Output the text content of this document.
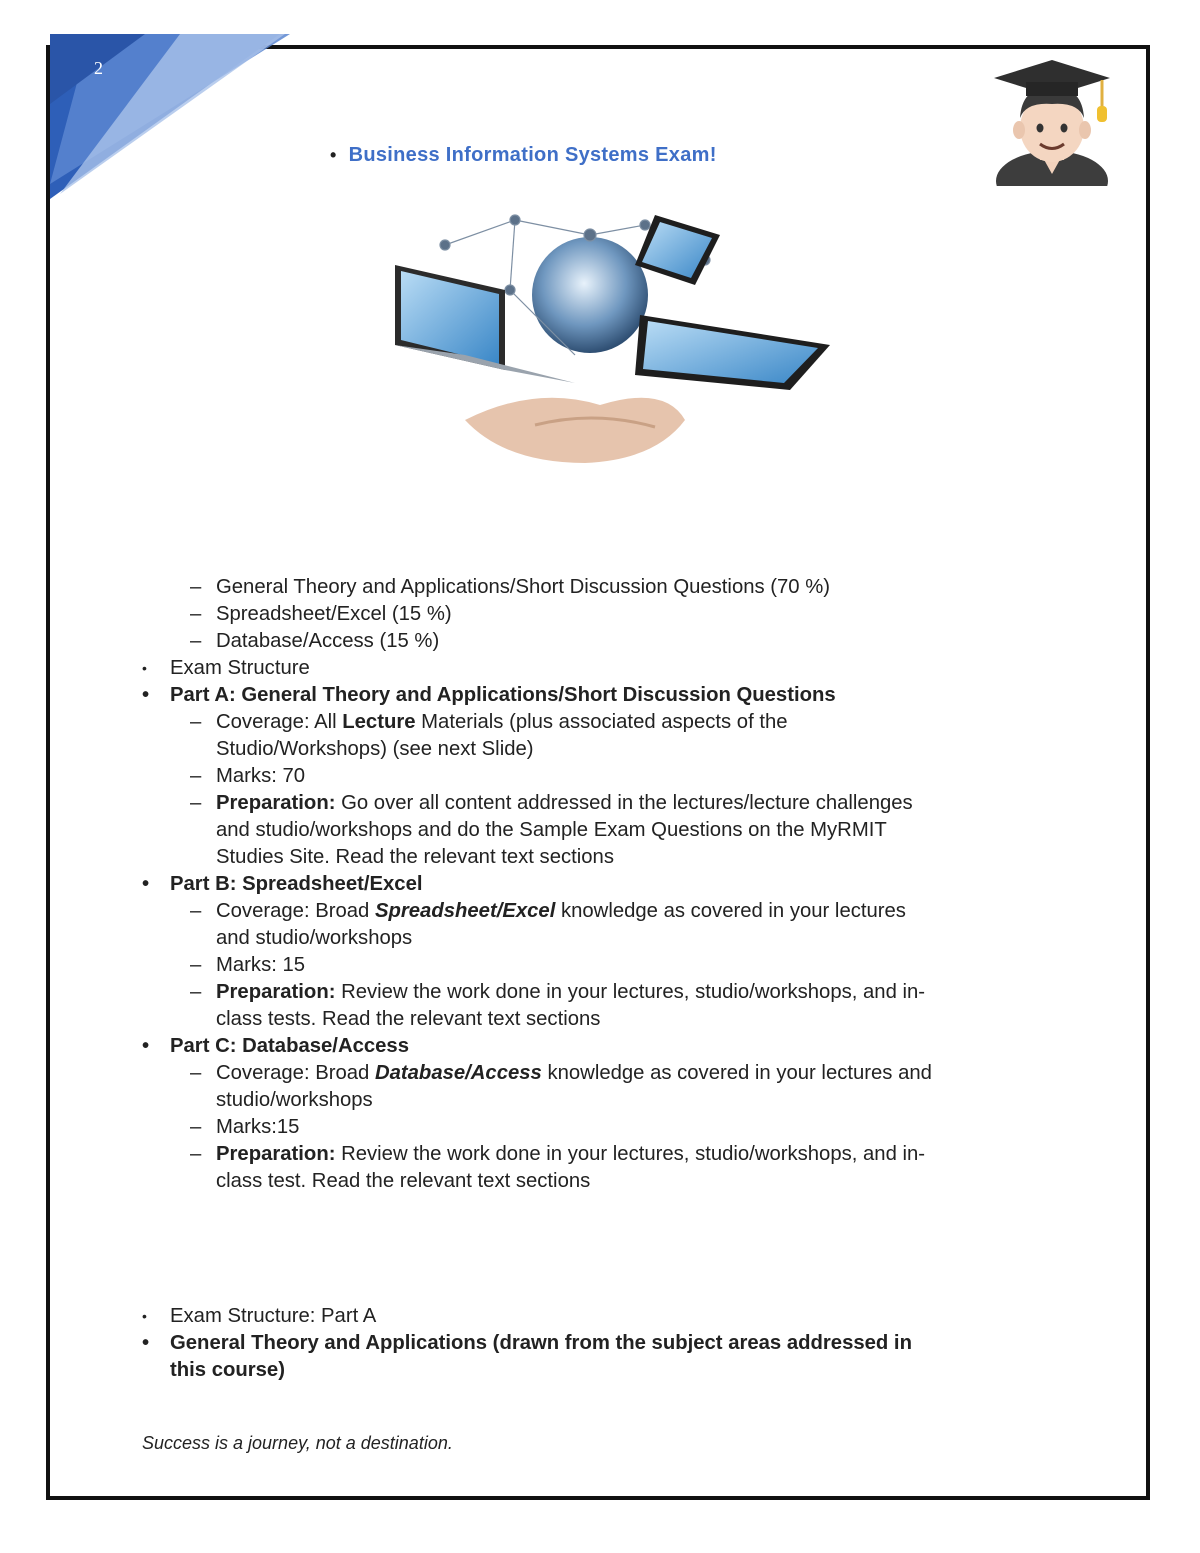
2
• Business Information Systems Exam!
– General Theory and Applications/Short Discussion Questions (70 %)
– Spreadsheet/Excel (15 %)
– Database/Access (15 %)
• Exam Structure
• Part A: General Theory and Applications/Short Discussion Questions
– Coverage: All Lecture Materials (plus associated aspects of the
Studio/Workshops) (see next Slide)
– Marks: 70
– Preparation: Go over all content addressed in the lectures/lecture challenges
and studio/workshops and do the Sample Exam Questions on the MyRMIT
Studies Site. Read the relevant text sections
• Part B: Spreadsheet/Excel
– Coverage: Broad Spreadsheet/Excel knowledge as covered in your lectures
and studio/workshops
– Marks: 15
– Preparation: Review the work done in your lectures, studio/workshops, and in-
class tests. Read the relevant text sections
• Part C: Database/Access
– Coverage: Broad Database/Access knowledge as covered in your lectures and
studio/workshops
– Marks:15
– Preparation: Review the work done in your lectures, studio/workshops, and in-
class test. Read the relevant text sections
• Exam Structure: Part A
• General Theory and Applications (drawn from the subject areas addressed in
this course)
Success is a journey, not a destination.
